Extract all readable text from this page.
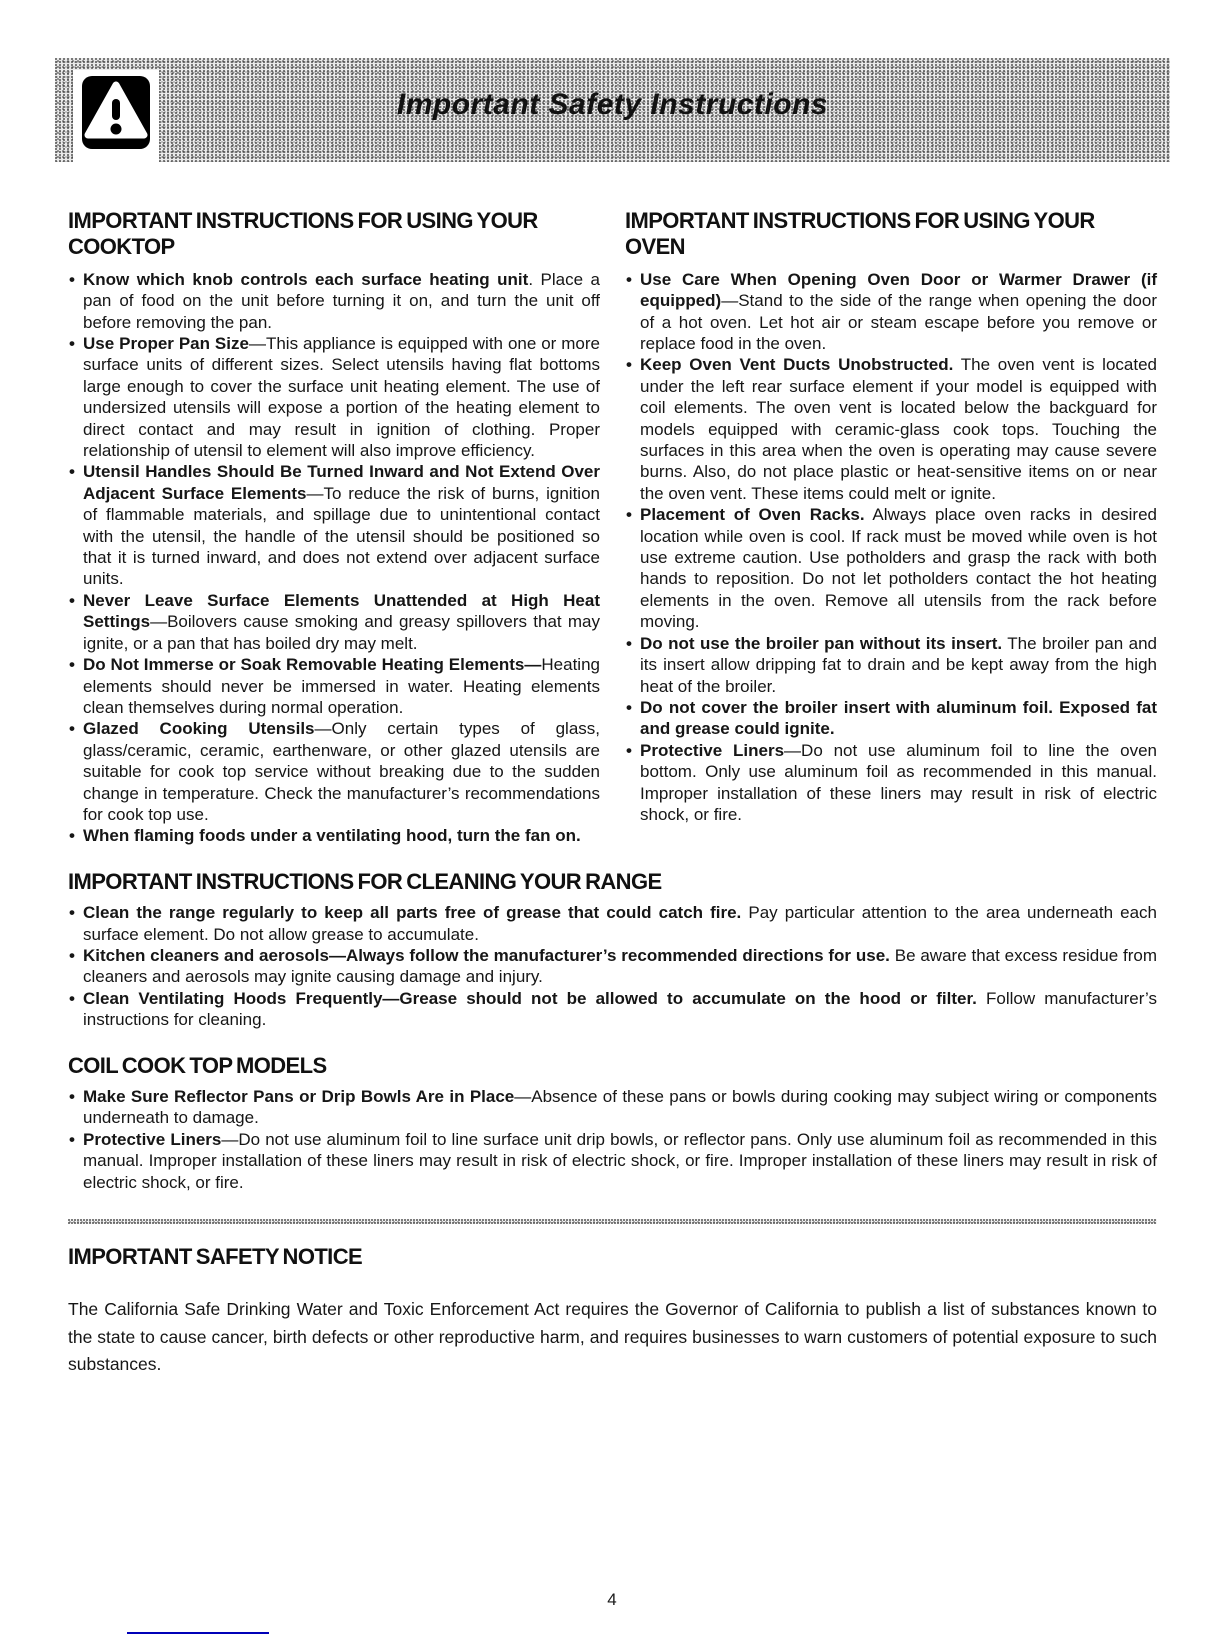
Important Safety Instructions
IMPORTANT INSTRUCTIONS FOR USING YOUR COOKTOP
• Know which knob controls each surface heating unit. Place a pan of food on the unit before turning it on, and turn the unit off before removing the pan.
• Use Proper Pan Size—This appliance is equipped with one or more surface units of different sizes. Select utensils having flat bottoms large enough to cover the surface unit heating element. The use of undersized utensils will expose a portion of the heating element to direct contact and may result in ignition of clothing. Proper relationship of utensil to element will also improve efficiency.
• Utensil Handles Should Be Turned Inward and Not Extend Over Adjacent Surface Elements—To reduce the risk of burns, ignition of flammable materials, and spillage due to unintentional contact with the utensil, the handle of the utensil should be positioned so that it is turned inward, and does not extend over adjacent surface units.
• Never Leave Surface Elements Unattended at High Heat Settings—Boilovers cause smoking and greasy spillovers that may ignite, or a pan that has boiled dry may melt.
• Do Not Immerse or Soak Removable Heating Elements—Heating elements should never be immersed in water. Heating elements clean themselves during normal operation.
• Glazed Cooking Utensils—Only certain types of glass, glass/ceramic, ceramic, earthenware, or other glazed utensils are suitable for cook top service without breaking due to the sudden change in temperature. Check the manufacturer’s recommendations for cook top use.
• When flaming foods under a ventilating hood, turn the fan on.
IMPORTANT INSTRUCTIONS FOR USING YOUR OVEN
• Use Care When Opening Oven Door or Warmer Drawer (if equipped)—Stand to the side of the range when opening the door of a hot oven. Let hot air or steam escape before you remove or replace food in the oven.
• Keep Oven Vent Ducts Unobstructed. The oven vent is located under the left rear surface element if your model is equipped with coil elements. The oven vent is located below the backguard for models equipped with ceramic-glass cook tops. Touching the surfaces in this area when the oven is operating may cause severe burns. Also, do not place plastic or heat-sensitive items on or near the oven vent. These items could melt or ignite.
• Placement of Oven Racks. Always place oven racks in desired location while oven is cool. If rack must be moved while oven is hot use extreme caution. Use potholders and grasp the rack with both hands to reposition. Do not let potholders contact the hot heating elements in the oven. Remove all utensils from the rack before moving.
• Do not use the broiler pan without its insert. The broiler pan and its insert allow dripping fat to drain and be kept away from the high heat of the broiler.
• Do not cover the broiler insert with aluminum foil. Exposed fat and grease could ignite.
• Protective Liners—Do not use aluminum foil to line the oven bottom. Only use aluminum foil as recommended in this manual. Improper installation of these liners may result in risk of electric shock, or fire.
IMPORTANT INSTRUCTIONS FOR CLEANING YOUR RANGE
• Clean the range regularly to keep all parts free of grease that could catch fire. Pay particular attention to the area underneath each surface element. Do not allow grease to accumulate.
• Kitchen cleaners and aerosols—Always follow the manufacturer’s recommended directions for use. Be aware that excess residue from cleaners and aerosols may ignite causing damage and injury.
• Clean Ventilating Hoods Frequently—Grease should not be allowed to accumulate on the hood or filter. Follow manufacturer’s instructions for cleaning.
COIL COOK TOP MODELS
• Make Sure Reflector Pans or Drip Bowls Are in Place—Absence of these pans or bowls during cooking may subject wiring or components underneath to damage.
• Protective Liners—Do not use aluminum foil to line surface unit drip bowls, or reflector pans. Only use aluminum foil as recommended in this manual. Improper installation of these liners may result in risk of electric shock, or fire. Improper installation of these liners may result in risk of electric shock, or fire.
IMPORTANT SAFETY NOTICE

The California Safe Drinking Water and Toxic Enforcement Act requires the Governor of California to publish a list of substances known to the state to cause cancer, birth defects or other reproductive harm, and requires businesses to warn customers of potential exposure to such substances.

4
